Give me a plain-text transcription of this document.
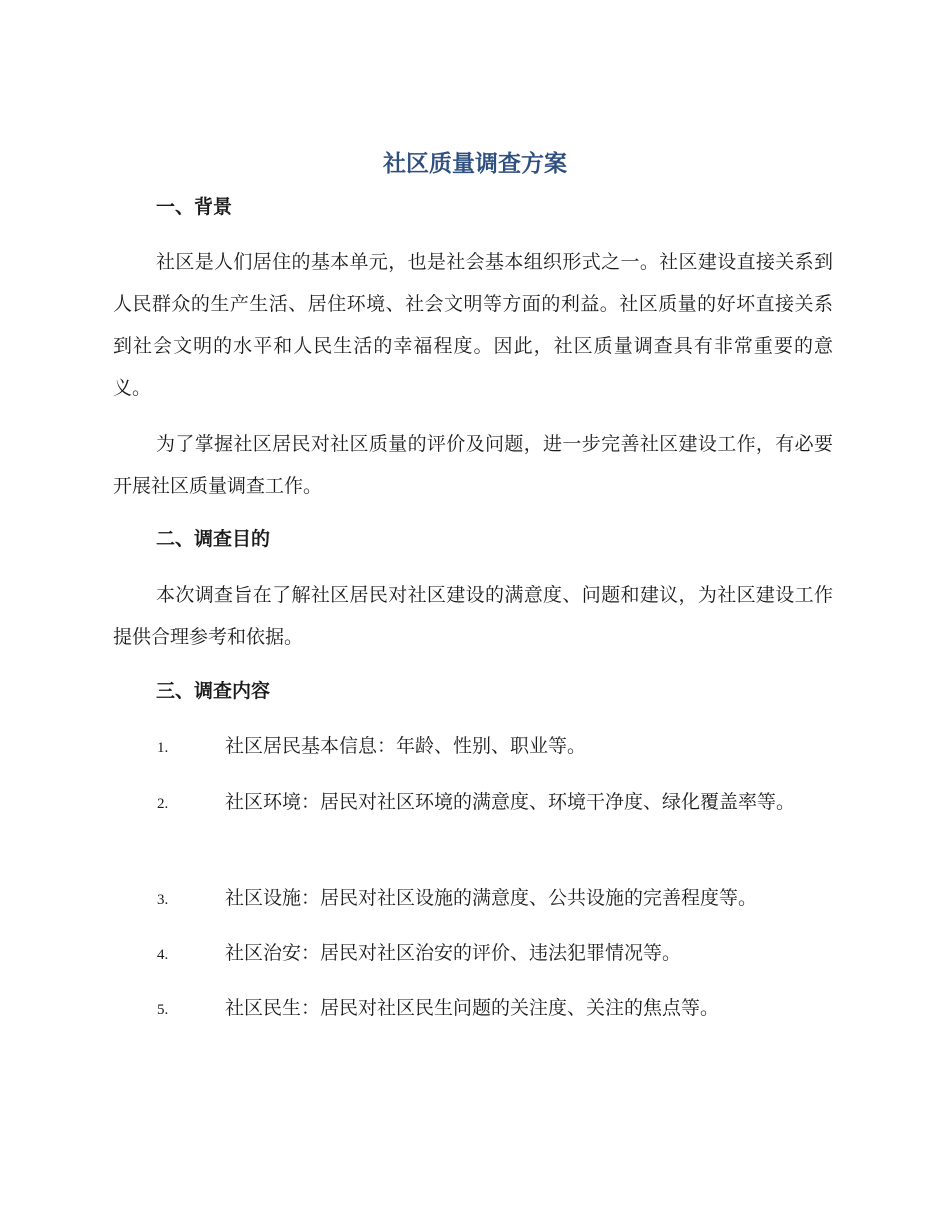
社区质量调查方案
一、背景
社区是人们居住的基本单元，也是社会基本组织形式之一。社区建设直接关系到人民群众的生产生活、居住环境、社会文明等方面的利益。社区质量的好坏直接关系到社会文明的水平和人民生活的幸福程度。因此，社区质量调查具有非常重要的意义。
为了掌握社区居民对社区质量的评价及问题，进一步完善社区建设工作，有必要开展社区质量调查工作。
二、调查目的
本次调查旨在了解社区居民对社区建设的满意度、问题和建议，为社区建设工作提供合理参考和依据。
三、调查内容
1.	社区居民基本信息：年龄、性别、职业等。
2.	社区环境：居民对社区环境的满意度、环境干净度、绿化覆盖率等。
3.	社区设施：居民对社区设施的满意度、公共设施的完善程度等。
4.	社区治安：居民对社区治安的评价、违法犯罪情况等。
5.	社区民生：居民对社区民生问题的关注度、关注的焦点等。
